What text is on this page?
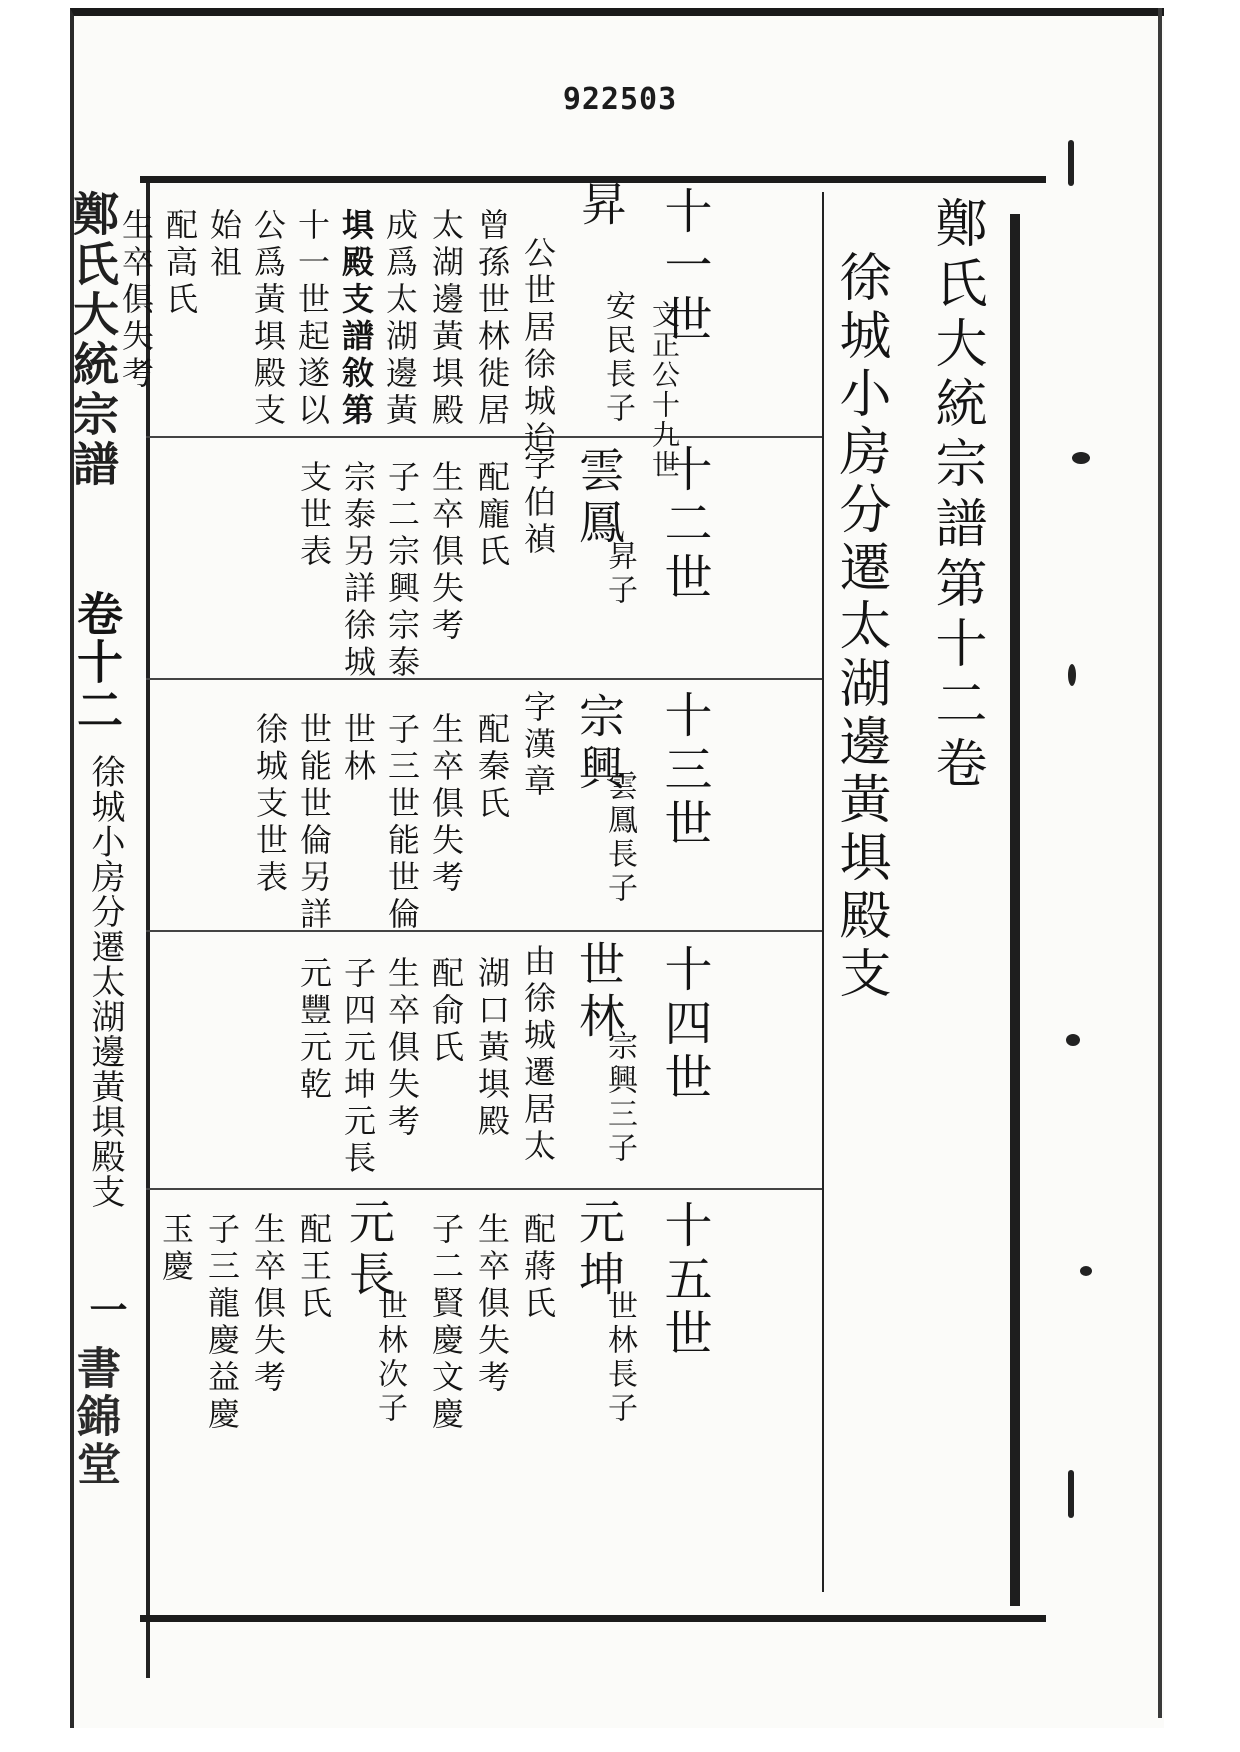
922503
鄭氏大統宗譜
卷十二
徐城小房分遷太湖邊黃埧殿支
一
書錦堂
鄭氏大統宗譜第十二卷
徐城小房分遷太湖邊黃埧殿支
十一世
文正公十九世
昇
安民長子
公世居徐城迨
曾孫世林徙居
太湖邊黃埧殿
成爲太湖邊黃
埧殿支譜敘第
十一世起遂以
公爲黃埧殿支
始祖
配高氏
生卒俱失考
十二世
雲鳳
昇子
字伯禎
配龐氏
生卒俱失考
子二宗興宗泰
宗泰另詳徐城
支世表
十三世
宗興
雲鳳長子
字漢章
配秦氏
生卒俱失考
子三世能世倫
世林
世能世倫另詳
徐城支世表
十四世
世林
宗興三子
由徐城遷居太
湖口黃埧殿
配俞氏
生卒俱失考
子四元坤元長
元豐元乾
十五世
元坤
世林長子
配蔣氏
生卒俱失考
子二賢慶文慶
元長
世林次子
配王氏
生卒俱失考
子三龍慶益慶
玉慶
